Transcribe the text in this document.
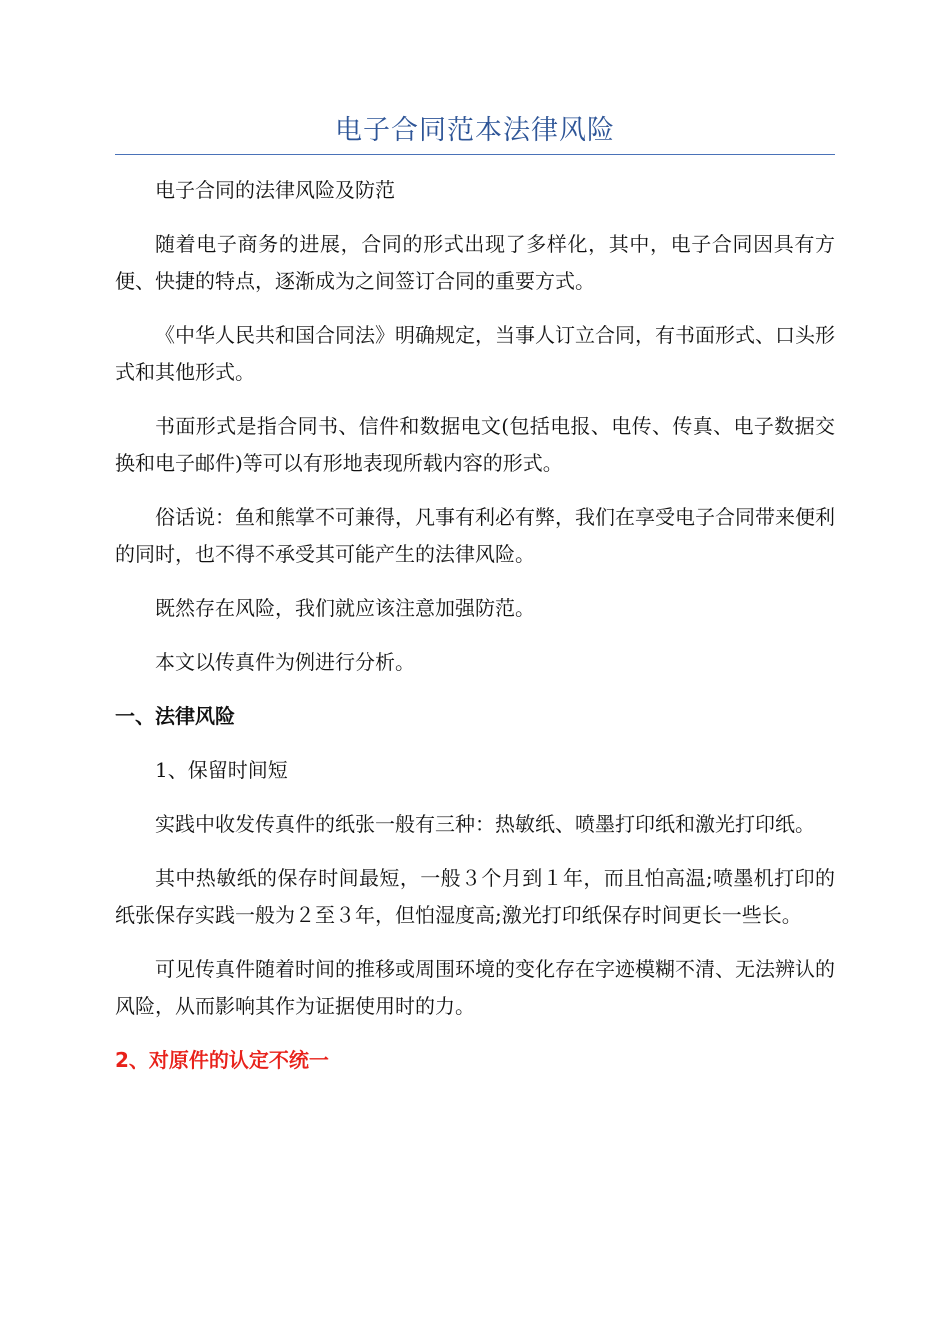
电子合同范本法律风险

电子合同的法律风险及防范

随着电子商务的进展，合同的形式出现了多样化，其中，电子合同因具有方便、快捷的特点，逐渐成为之间签订合同的重要方式。

《中华人民共和国合同法》明确规定，当事人订立合同，有书面形式、口头形式和其他形式。

书面形式是指合同书、信件和数据电文(包括电报、电传、传真、电子数据交换和电子邮件)等可以有形地表现所载内容的形式。

俗话说：鱼和熊掌不可兼得，凡事有利必有弊，我们在享受电子合同带来便利的同时，也不得不承受其可能产生的法律风险。

既然存在风险，我们就应该注意加强防范。

本文以传真件为例进行分析。

一、法律风险

1、保留时间短

实践中收发传真件的纸张一般有三种：热敏纸、喷墨打印纸和激光打印纸。

其中热敏纸的保存时间最短，一般３个月到１年，而且怕高温;喷墨机打印的纸张保存实践一般为２至３年，但怕湿度高;激光打印纸保存时间更长一些长。

可见传真件随着时间的推移或周围环境的变化存在字迹模糊不清、无法辨认的风险，从而影响其作为证据使用时的力。

2、对原件的认定不统一
